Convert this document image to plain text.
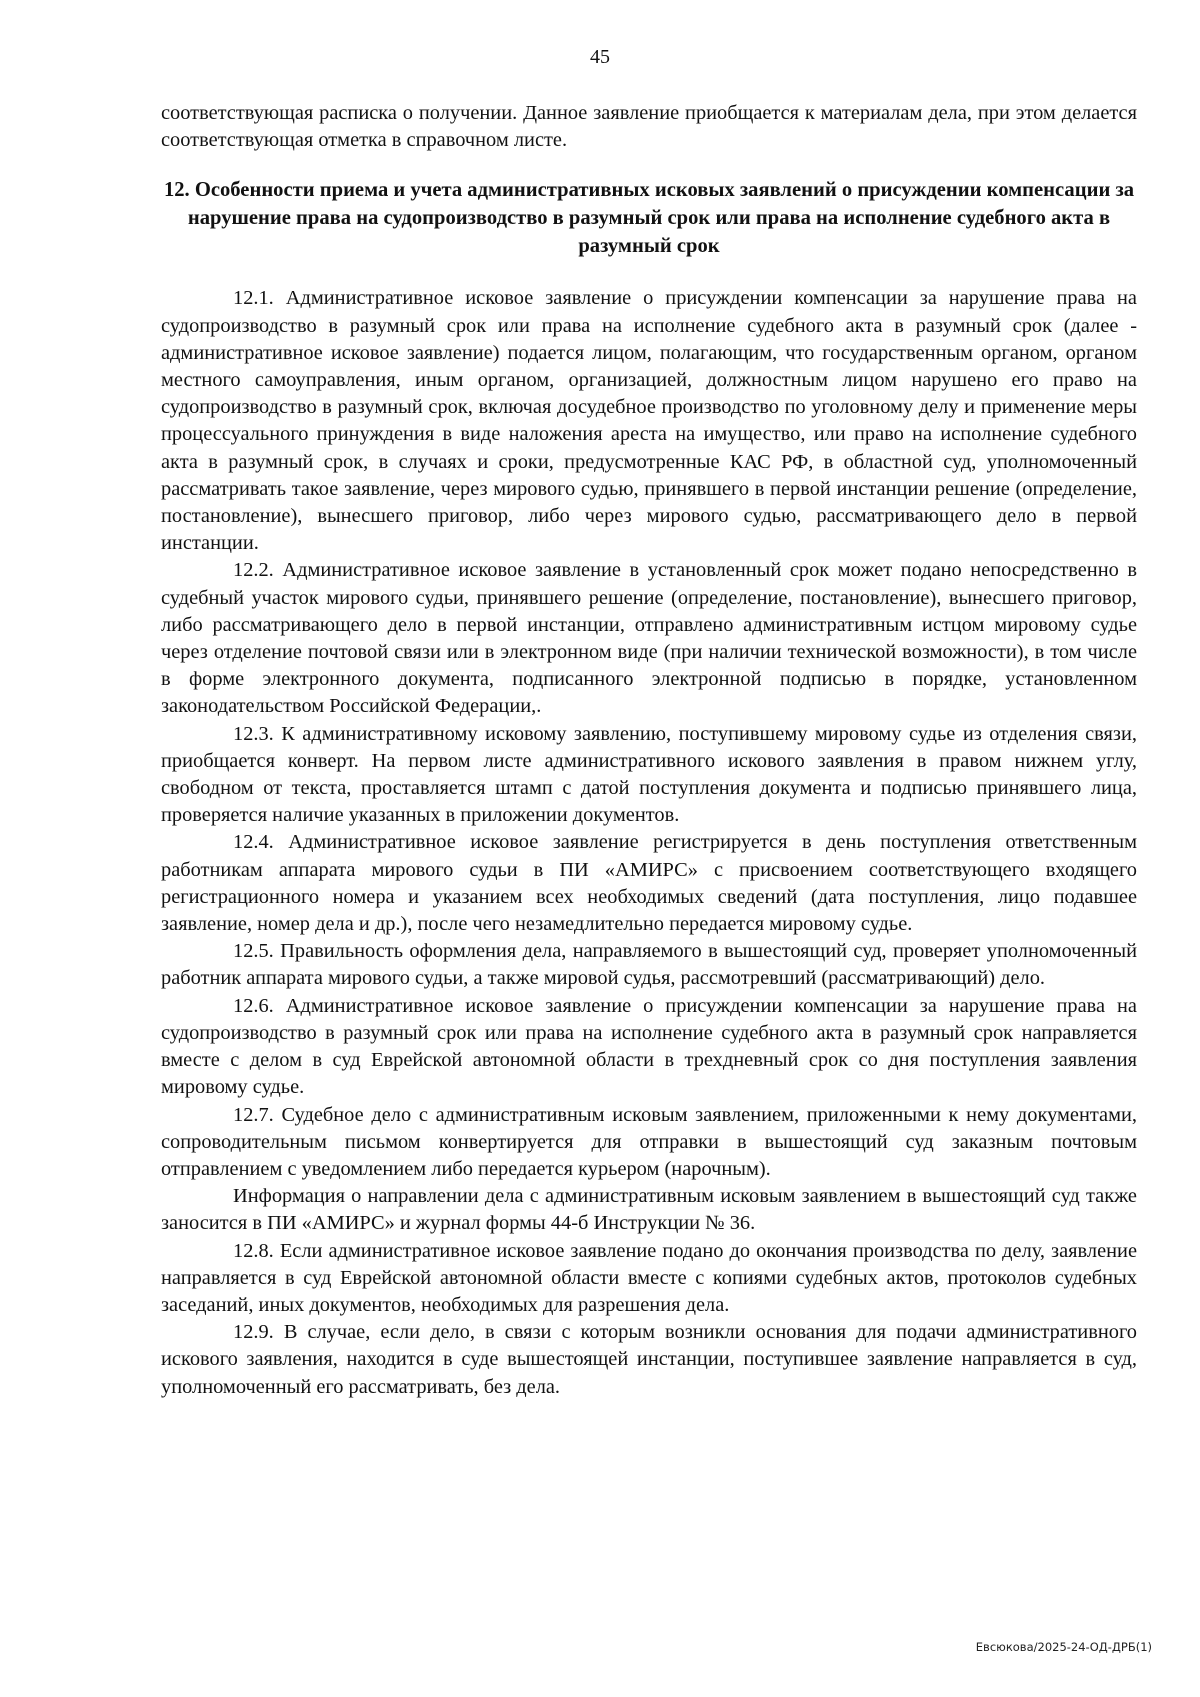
45

соответствующая расписка о получении. Данное заявление приобщается к материалам дела, при этом делается соответствующая отметка в справочном листе.

12. Особенности приема и учета административных исковых заявлений о присуждении компенсации за нарушение права на судопроизводство в разумный срок или права на исполнение судебного акта в разумный срок

12.1. Административное исковое заявление о присуждении компенсации за нарушение права на судопроизводство в разумный срок или права на исполнение судебного акта в разумный срок (далее - административное исковое заявление) подается лицом, полагающим, что государственным органом, органом местного самоуправления, иным органом, организацией, должностным лицом нарушено его право на судопроизводство в разумный срок, включая досудебное производство по уголовному делу и применение меры процессуального принуждения в виде наложения ареста на имущество, или право на исполнение судебного акта в разумный срок, в случаях и сроки, предусмотренные КАС РФ, в областной суд, уполномоченный рассматривать такое заявление, через мирового судью, принявшего в первой инстанции решение (определение, постановление), вынесшего приговор, либо через мирового судью, рассматривающего дело в первой инстанции.

12.2. Административное исковое заявление в установленный срок может подано непосредственно в судебный участок мирового судьи, принявшего решение (определение, постановление), вынесшего приговор, либо рассматривающего дело в первой инстанции, отправлено административным истцом мировому судье через отделение почтовой связи или в электронном виде (при наличии технической возможности), в том числе в форме электронного документа, подписанного электронной подписью в порядке, установленном законодательством Российской Федерации,.

12.3. К административному исковому заявлению, поступившему мировому судье из отделения связи, приобщается конверт. На первом листе административного искового заявления в правом нижнем углу, свободном от текста, проставляется штамп с датой поступления документа и подписью принявшего лица, проверяется наличие указанных в приложении документов.

12.4. Административное исковое заявление регистрируется в день поступления ответственным работникам аппарата мирового судьи в ПИ «АМИРС» с присвоением соответствующего входящего регистрационного номера и указанием всех необходимых сведений (дата поступления, лицо подавшее заявление, номер дела и др.), после чего незамедлительно передается мировому судье.

12.5. Правильность оформления дела, направляемого в вышестоящий суд, проверяет уполномоченный работник аппарата мирового судьи, а также мировой судья, рассмотревший (рассматривающий) дело.

12.6. Административное исковое заявление о присуждении компенсации за нарушение права на судопроизводство в разумный срок или права на исполнение судебного акта в разумный срок направляется вместе с делом в суд Еврейской автономной области в трехдневный срок со дня поступления заявления мировому судье.

12.7. Судебное дело с административным исковым заявлением, приложенными к нему документами, сопроводительным письмом конвертируется для отправки в вышестоящий суд заказным почтовым отправлением с уведомлением либо передается курьером (нарочным).

Информация о направлении дела с административным исковым заявлением в вышестоящий суд также заносится в ПИ «АМИРС» и журнал формы 44-б Инструкции № 36.

12.8. Если административное исковое заявление подано до окончания производства по делу, заявление направляется в суд Еврейской автономной области вместе с копиями судебных актов, протоколов судебных заседаний, иных документов, необходимых для разрешения дела.

12.9. В случае, если дело, в связи с которым возникли основания для подачи административного искового заявления, находится в суде вышестоящей инстанции, поступившее заявление направляется в суд, уполномоченный его рассматривать, без дела.

Евсюкова/2025-24-ОД-ДРБ(1)
